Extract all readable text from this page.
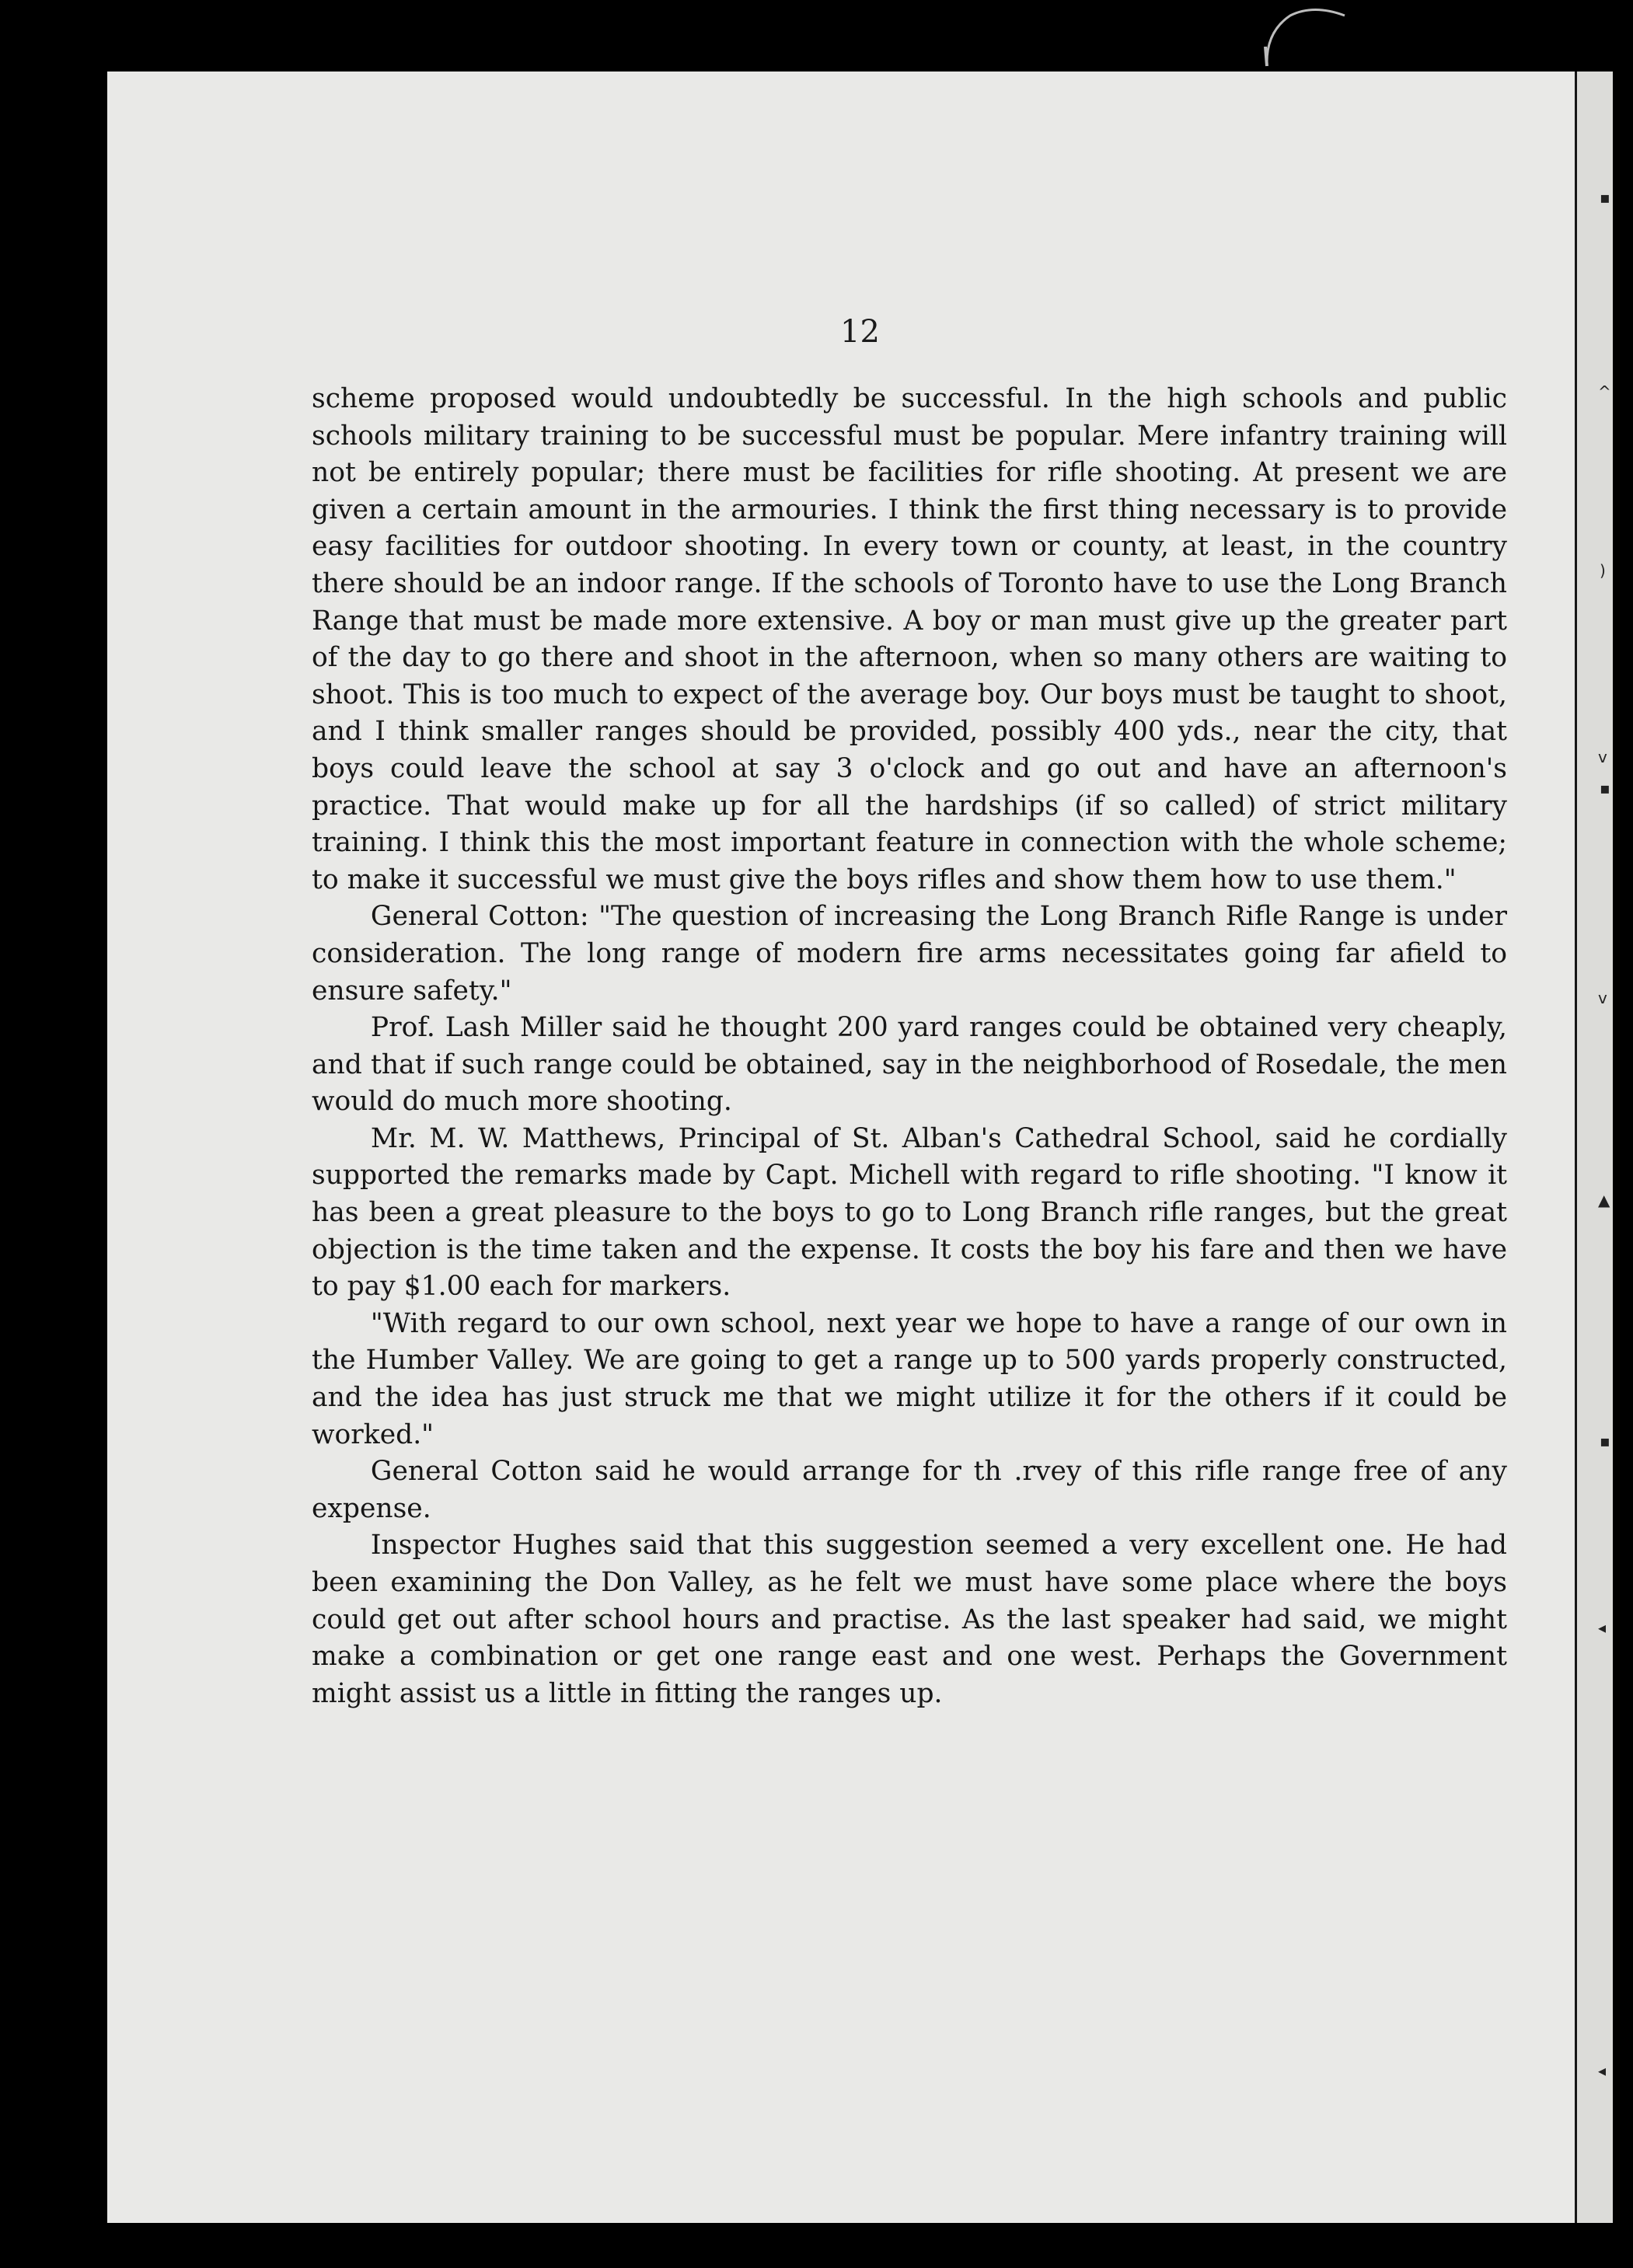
▪
^
)
v
▪
v
▲
▪
◂
◂

12

scheme proposed would undoubtedly be successful. In the high schools and public schools military training to be successful must be popular. Mere infantry training will not be entirely popular; there must be facilities for rifle shooting. At present we are given a certain amount in the armouries. I think the first thing necessary is to provide easy facilities for outdoor shooting. In every town or county, at least, in the country there should be an indoor range. If the schools of Toronto have to use the Long Branch Range that must be made more extensive. A boy or man must give up the greater part of the day to go there and shoot in the afternoon, when so many others are waiting to shoot. This is too much to expect of the average boy. Our boys must be taught to shoot, and I think smaller ranges should be provided, possibly 400 yds., near the city, that boys could leave the school at say 3 o'clock and go out and have an afternoon's practice. That would make up for all the hardships (if so called) of strict military training. I think this the most important feature in connection with the whole scheme; to make it successful we must give the boys rifles and show them how to use them."

General Cotton: "The question of increasing the Long Branch Rifle Range is under consideration. The long range of modern fire arms necessitates going far afield to ensure safety."

Prof. Lash Miller said he thought 200 yard ranges could be obtained very cheaply, and that if such range could be obtained, say in the neighborhood of Rosedale, the men would do much more shooting.

Mr. M. W. Matthews, Principal of St. Alban's Cathedral School, said he cordially supported the remarks made by Capt. Michell with regard to rifle shooting. "I know it has been a great pleasure to the boys to go to Long Branch rifle ranges, but the great objection is the time taken and the expense. It costs the boy his fare and then we have to pay $1.00 each for markers.

"With regard to our own school, next year we hope to have a range of our own in the Humber Valley. We are going to get a range up to 500 yards properly constructed, and the idea has just struck me that we might utilize it for the others if it could be worked."

General Cotton said he would arrange for th .rvey of this rifle range free of any expense.

Inspector Hughes said that this suggestion seemed a very excellent one. He had been examining the Don Valley, as he felt we must have some place where the boys could get out after school hours and practise. As the last speaker had said, we might make a combination or get one range east and one west. Perhaps the Government might assist us a little in fitting the ranges up.
